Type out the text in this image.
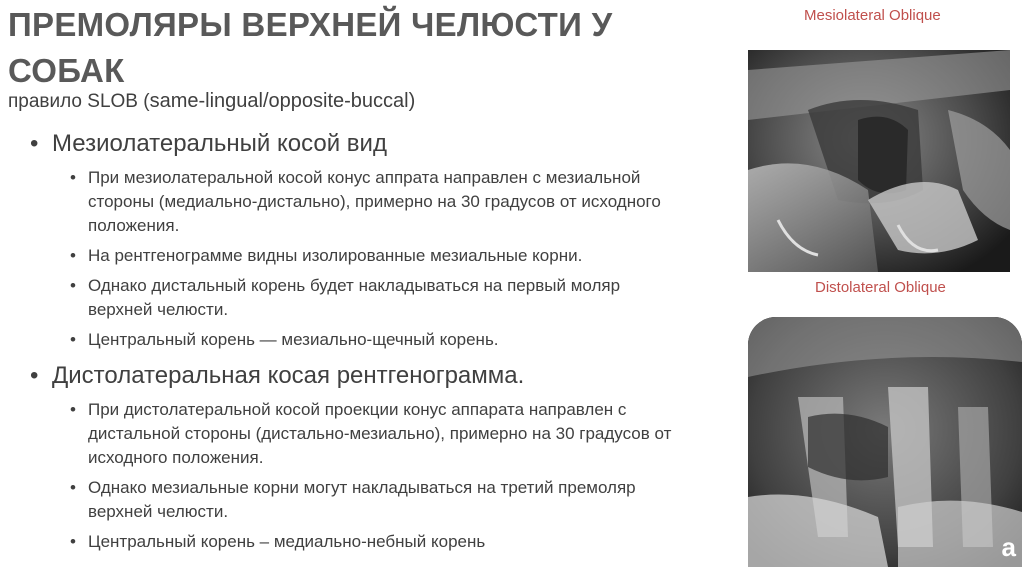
ПРЕМОЛЯРЫ ВЕРХНЕЙ ЧЕЛЮСТИ У СОБАК
правило SLOB (same-lingual/opposite-buccal)
• Мезиолатеральный косой вид
• При мезиолатеральной косой конус аппрата направлен с мезиальной стороны (медиально-дистально), примерно на 30 градусов от исходного положения.
• На рентгенограмме видны изолированные мезиальные корни.
• Однако дистальный корень будет накладываться на первый моляр верхней челюсти.
• Центральный корень — мезиально-щечный корень.
• Дистолатеральная косая рентгенограмма.
• При дистолатеральной косой проекции конус аппарата направлен с дистальной стороны (дистально-мезиально), примерно на 30 градусов от исходного положения.
• Однако мезиальные корни могут накладываться на третий премоляр верхней челюсти.
• Центральный корень – медиально-небный корень
Mesiolateral Oblique
Distolateral Oblique
a
